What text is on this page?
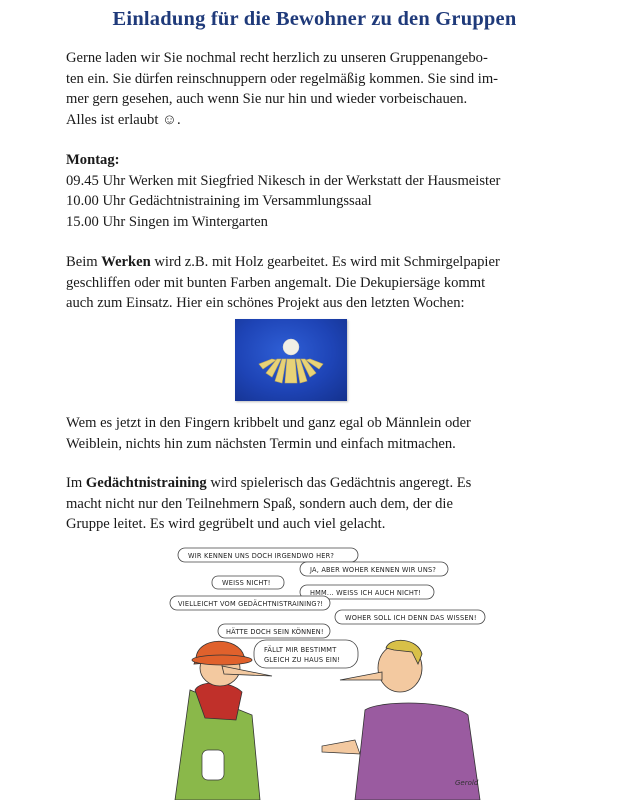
Einladung für die Bewohner zu den Gruppen
Gerne laden wir Sie nochmal recht herzlich zu unseren Gruppenangebo-
ten ein. Sie dürfen reinschnuppern oder regelmäßig kommen. Sie sind im-
mer gern gesehen, auch wenn Sie nur hin und wieder vorbeischauen.
Alles ist erlaubt ☺.
Montag:
09.45 Uhr Werken mit Siegfried Nikesch in der Werkstatt der Hausmeister
10.00 Uhr Gedächtnistraining im Versammlungssaal
15.00 Uhr Singen im Wintergarten
Beim Werken wird z.B. mit Holz gearbeitet. Es wird mit Schmirgelpapier
geschliffen oder mit bunten Farben angemalt. Die Dekupiersäge kommt
auch zum Einsatz. Hier ein schönes Projekt aus den letzten Wochen:
Wem es jetzt in den Fingern kribbelt und ganz egal ob Männlein oder
Weiblein, nichts hin zum nächsten Termin und einfach mitmachen.
Im Gedächtnistraining wird spielerisch das Gedächtnis angeregt. Es
macht nicht nur den Teilnehmern Spaß, sondern auch dem, der die
Gruppe leitet. Es wird gegrübelt und auch viel gelacht.
WIR KENNEN UNS DOCH IRGENDWO HER?
JA, ABER WOHER KENNEN WIR UNS?
WEISS NICHT!
HMM... WEISS ICH AUCH NICHT!
VIELLEICHT VOM GEDÄCHTNISTRAINING?!
WOHER SOLL ICH DENN DAS WISSEN!
HÄTTE DOCH SEIN KÖNNEN!
FÄLLT MIR BESTIMMT
GLEICH ZU HAUS EIN!
Gerold
